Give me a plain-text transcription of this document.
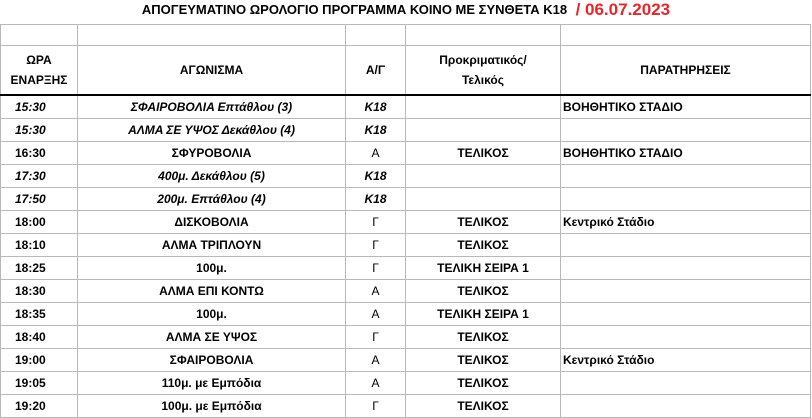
ΑΠΟΓΕΥΜΑΤΙΝΟ ΩΡΟΛΟΓΙΟ ΠΡΟΓΡΑΜΜΑ ΚΟΙΝΟ ΜΕ ΣΥΝΘΕΤΑ Κ18 / 06.07.2023

ΩΡΑ
ΕΝΑΡΞΗΣ	ΑΓΩΝΙΣΜΑ	Α/Γ	Προκριματικός/
Τελικός	ΠΑΡΑΤΗΡΗΣΕΙΣ
15:30	ΣΦΑΙΡΟΒΟΛΙΑ Επτάθλου (3)	Κ18		ΒΟΗΘΗΤΙΚΟ ΣΤΑΔΙΟ
15:30	ΑΛΜΑ ΣΕ ΥΨΟΣ Δεκάθλου (4)	Κ18		
16:30	ΣΦΥΡΟΒΟΛΙΑ	Α	ΤΕΛΙΚΟΣ	ΒΟΗΘΗΤΙΚΟ ΣΤΑΔΙΟ
17:30	400μ. Δεκάθλου (5)	Κ18		
17:50	200μ. Επτάθλου (4)	Κ18		
18:00	ΔΙΣΚΟΒΟΛΙΑ	Γ	ΤΕΛΙΚΟΣ	Κεντρικό Στάδιο
18:10	ΑΛΜΑ ΤΡΙΠΛΟΥΝ	Γ	ΤΕΛΙΚΟΣ	
18:25	100μ.	Γ	ΤΕΛΙΚΗ ΣΕΙΡΑ 1	
18:30	ΑΛΜΑ ΕΠΙ ΚΟΝΤΩ	Α	ΤΕΛΙΚΟΣ	
18:35	100μ.	Α	ΤΕΛΙΚΗ ΣΕΙΡΑ 1	
18:40	ΑΛΜΑ ΣΕ ΥΨΟΣ	Γ	ΤΕΛΙΚΟΣ	
19:00	ΣΦΑΙΡΟΒΟΛΙΑ	Α	ΤΕΛΙΚΟΣ	Κεντρικό Στάδιο
19:05	110μ. με Εμπόδια	Α	ΤΕΛΙΚΟΣ	
19:20	100μ. με Εμπόδια	Γ	ΤΕΛΙΚΟΣ	
